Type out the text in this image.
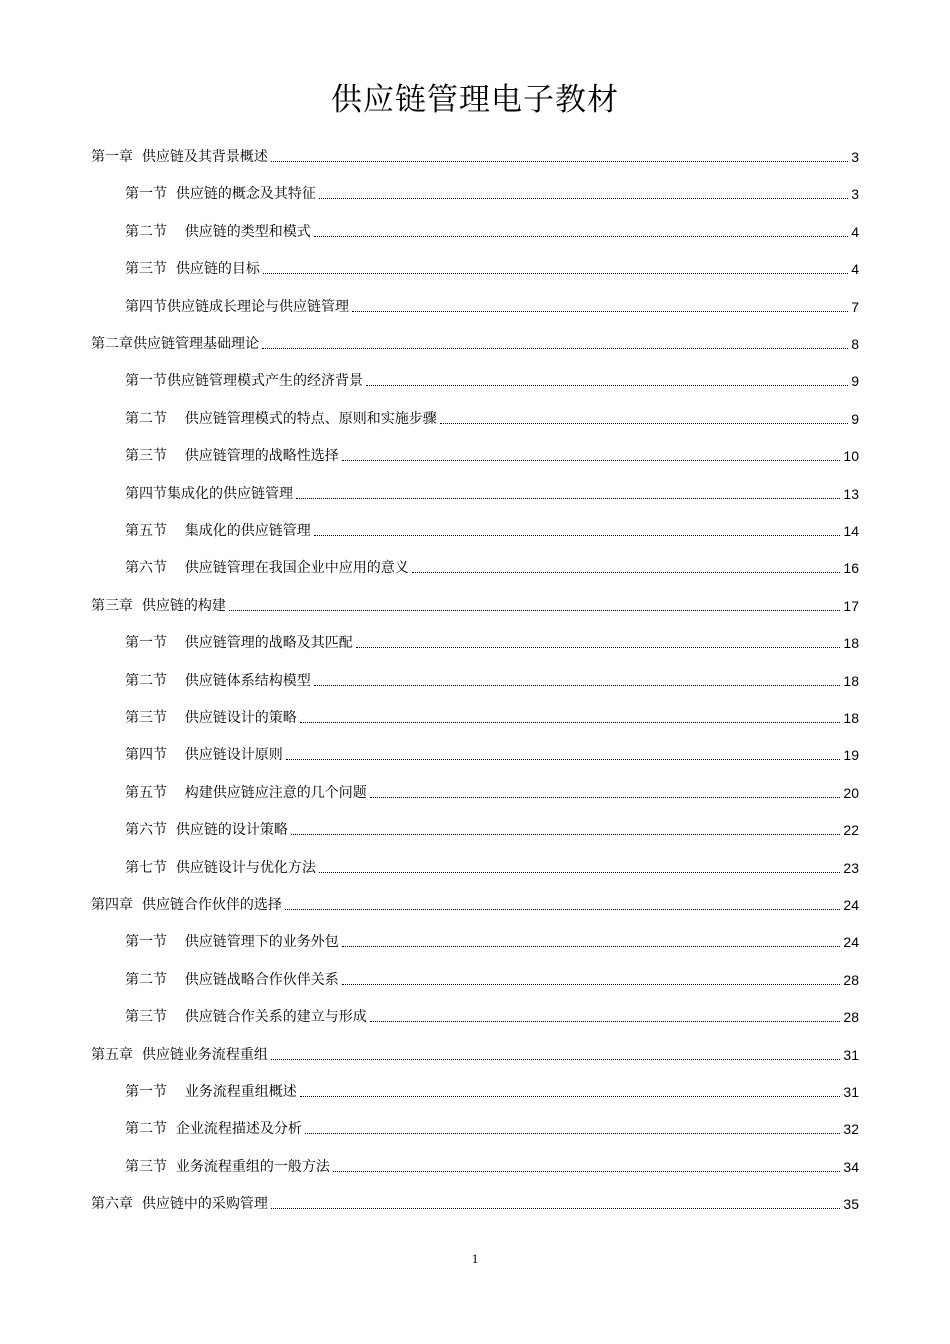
供应链管理电子教材
第一章  供应链及其背景概述	3
第一节  供应链的概念及其特征	3
第二节    供应链的类型和模式	4
第三节  供应链的目标	4
第四节供应链成长理论与供应链管理	7
第二章供应链管理基础理论	8
第一节供应链管理模式产生的经济背景	9
第二节    供应链管理模式的特点、原则和实施步骤	9
第三节    供应链管理的战略性选择	10
第四节集成化的供应链管理	13
第五节    集成化的供应链管理	14
第六节    供应链管理在我国企业中应用的意义	16
第三章  供应链的构建	17
第一节    供应链管理的战略及其匹配	18
第二节    供应链体系结构模型	18
第三节    供应链设计的策略	18
第四节    供应链设计原则	19
第五节    构建供应链应注意的几个问题	20
第六节  供应链的设计策略	22
第七节  供应链设计与优化方法	23
第四章  供应链合作伙伴的选择	24
第一节    供应链管理下的业务外包	24
第二节    供应链战略合作伙伴关系	28
第三节    供应链合作关系的建立与形成	28
第五章  供应链业务流程重组	31
第一节    业务流程重组概述	31
第二节  企业流程描述及分析	32
第三节  业务流程重组的一般方法	34
第六章  供应链中的采购管理	35
1
